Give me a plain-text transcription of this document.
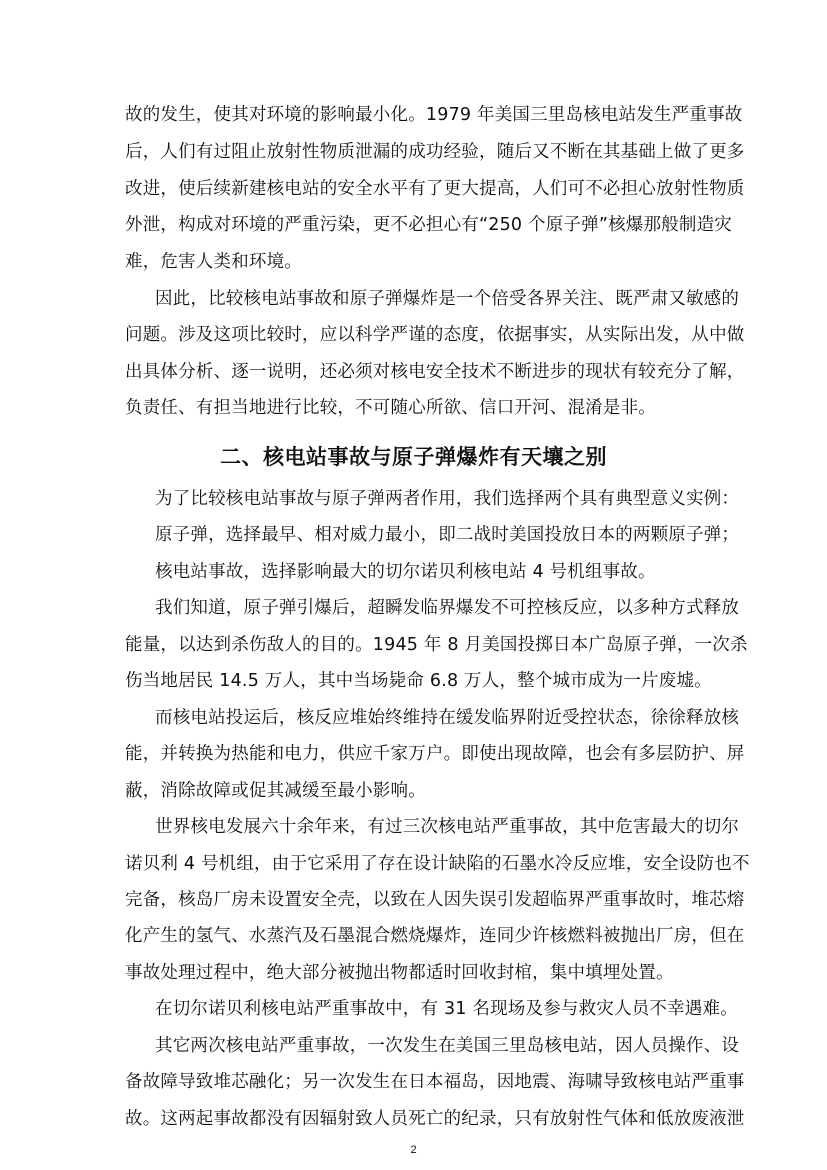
故的发生，使其对环境的影响最小化。1979 年美国三里岛核电站发生严重事故
后，人们有过阻止放射性物质泄漏的成功经验，随后又不断在其基础上做了更多
改进，使后续新建核电站的安全水平有了更大提高，人们可不必担心放射性物质
外泄，构成对环境的严重污染，更不必担心有“250 个原子弹”核爆那般制造灾
难，危害人类和环境。
因此，比较核电站事故和原子弹爆炸是一个倍受各界关注、既严肃又敏感的
问题。涉及这项比较时，应以科学严谨的态度，依据事实，从实际出发，从中做
出具体分析、逐一说明，还必须对核电安全技术不断进步的现状有较充分了解，
负责任、有担当地进行比较，不可随心所欲、信口开河、混淆是非。
二、核电站事故与原子弹爆炸有天壤之别
为了比较核电站事故与原子弹两者作用，我们选择两个具有典型意义实例：
原子弹，选择最早、相对威力最小，即二战时美国投放日本的两颗原子弹；
核电站事故，选择影响最大的切尔诺贝利核电站 4 号机组事故。
我们知道，原子弹引爆后，超瞬发临界爆发不可控核反应，以多种方式释放
能量，以达到杀伤敌人的目的。1945 年 8 月美国投掷日本广岛原子弹，一次杀
伤当地居民 14.5 万人，其中当场毙命 6.8 万人，整个城市成为一片废墟。
而核电站投运后，核反应堆始终维持在缓发临界附近受控状态，徐徐释放核
能，并转换为热能和电力，供应千家万户。即使出现故障，也会有多层防护、屏
蔽，消除故障或促其减缓至最小影响。
世界核电发展六十余年来，有过三次核电站严重事故，其中危害最大的切尔
诺贝利 4 号机组，由于它采用了存在设计缺陷的石墨水冷反应堆，安全设防也不
完备，核岛厂房未设置安全壳，以致在人因失误引发超临界严重事故时，堆芯熔
化产生的氢气、水蒸汽及石墨混合燃烧爆炸，连同少许核燃料被抛出厂房，但在
事故处理过程中，绝大部分被抛出物都适时回收封棺，集中填埋处置。
在切尔诺贝利核电站严重事故中，有 31 名现场及参与救灾人员不幸遇难。
其它两次核电站严重事故，一次发生在美国三里岛核电站，因人员操作、设
备故障导致堆芯融化；另一次发生在日本福岛，因地震、海啸导致核电站严重事
故。这两起事故都没有因辐射致人员死亡的纪录，只有放射性气体和低放废液泄
2
